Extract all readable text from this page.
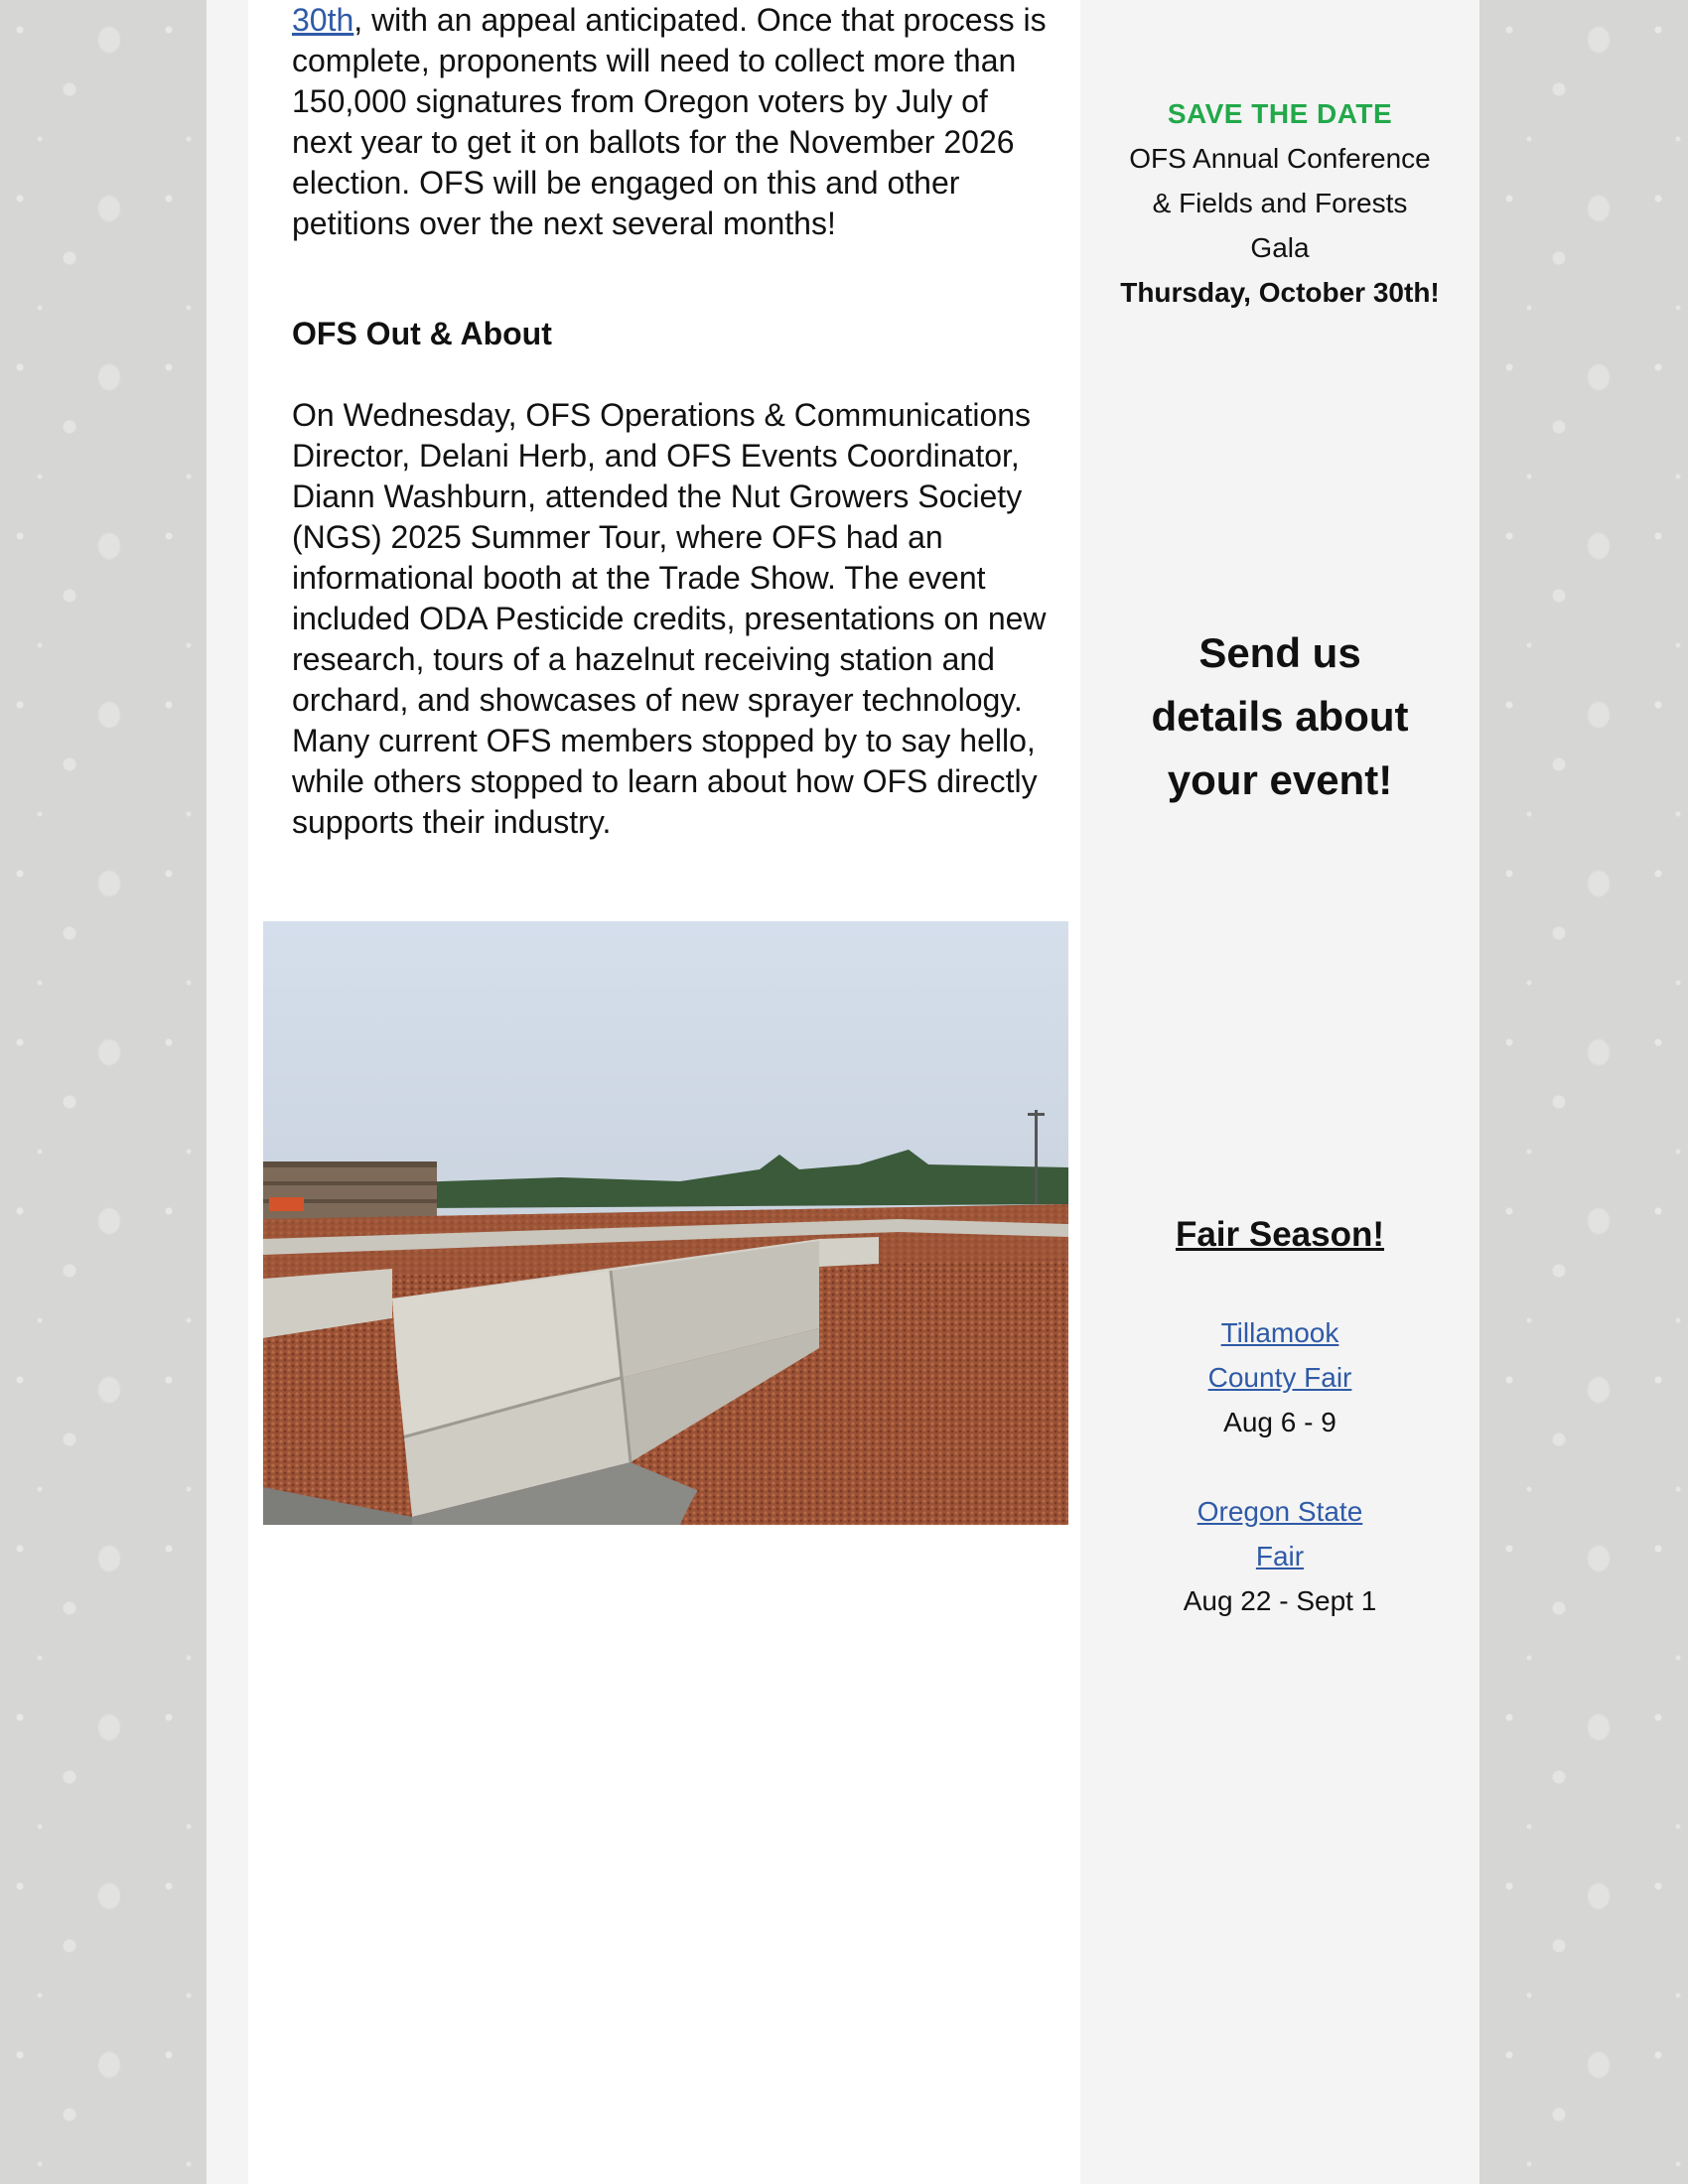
30th, with an appeal anticipated. Once that process is complete, proponents will need to collect more than 150,000 signatures from Oregon voters by July of next year to get it on ballots for the November 2026 election. OFS will be engaged on this and other petitions over the next several months!
OFS Out & About
On Wednesday, OFS Operations & Communications Director, Delani Herb, and OFS Events Coordinator, Diann Washburn, attended the Nut Growers Society (NGS) 2025 Summer Tour, where OFS had an informational booth at the Trade Show. The event included ODA Pesticide credits, presentations on new research, tours of a hazelnut receiving station and orchard, and showcases of new sprayer technology. Many current OFS members stopped by to say hello, while others stopped to learn about how OFS directly supports their industry.
SAVE THE DATE

OFS Annual Conference & Fields and Forests Gala
Thursday, October 30th!
Send us details about your event!
Fair Season!
Tillamook County Fair
Aug 6 - 9
Oregon State Fair
Aug 22 - Sept 1
